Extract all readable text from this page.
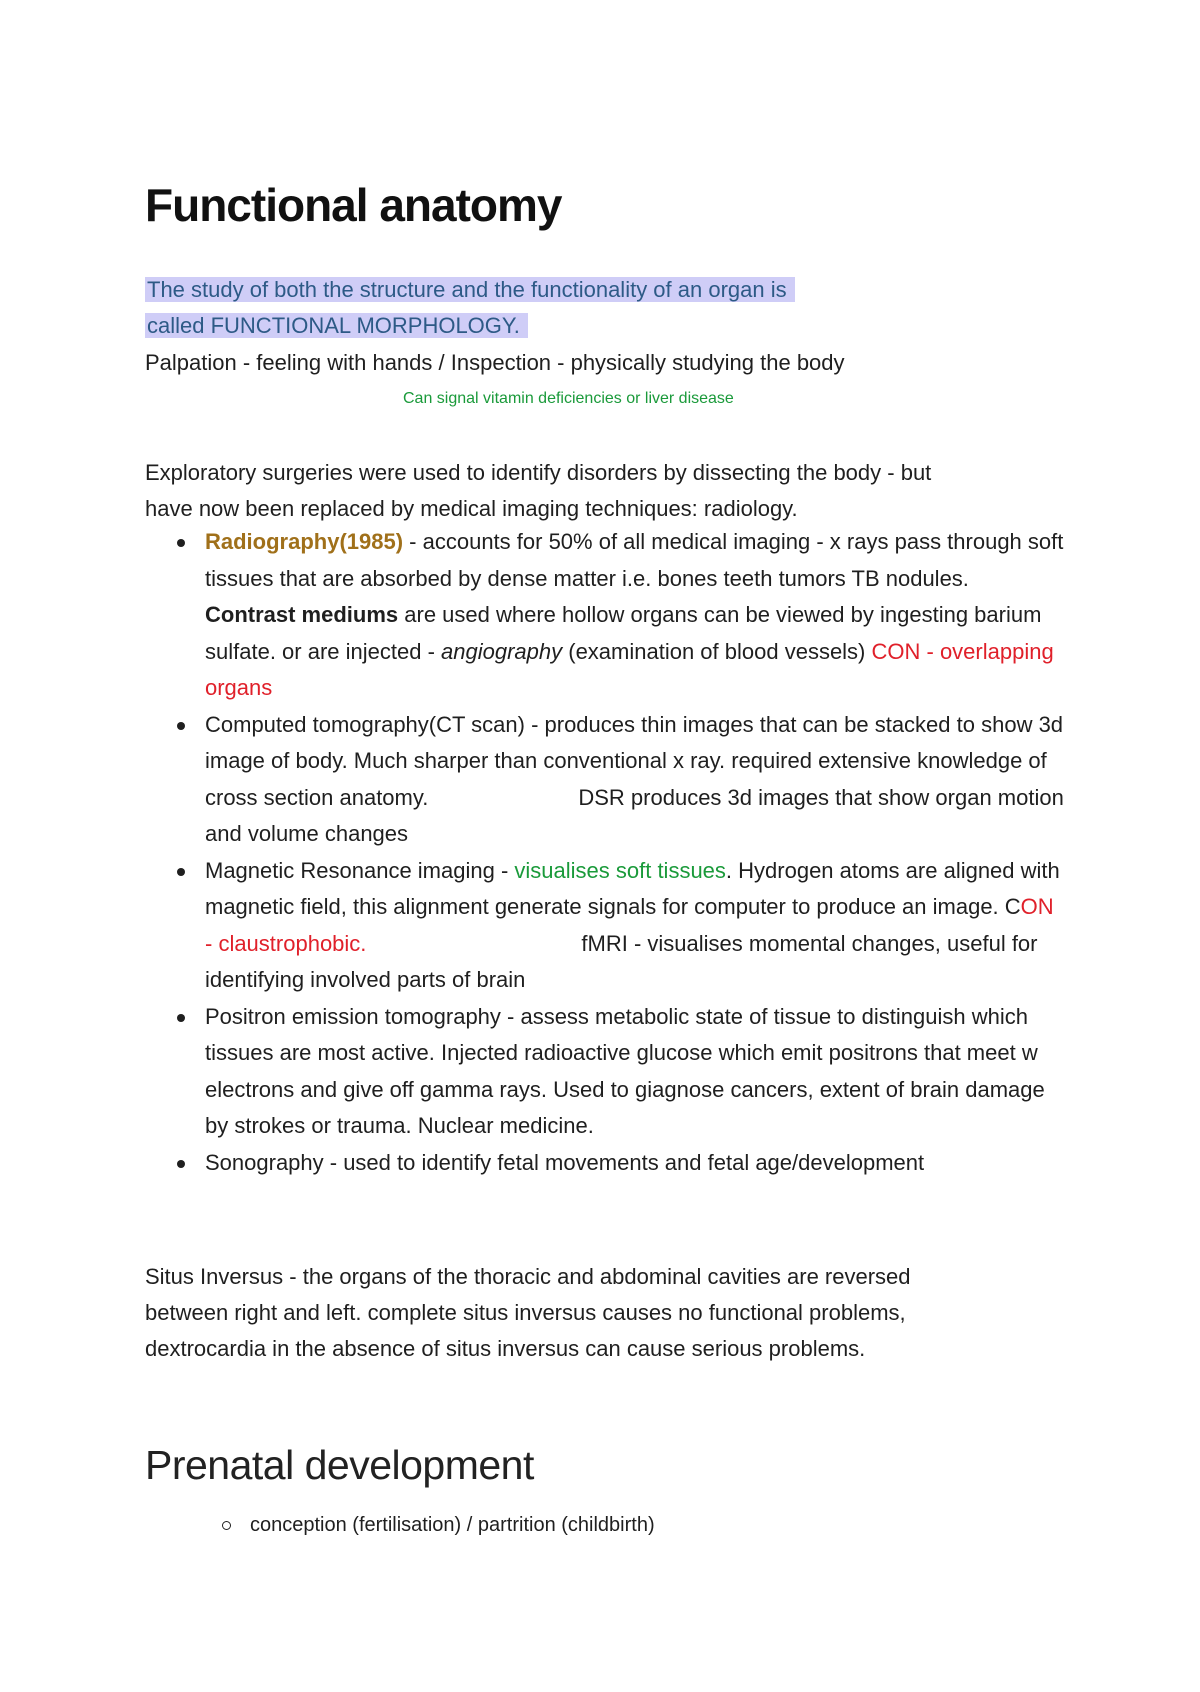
Functional anatomy
The study of both the structure and the functionality of an organ is
called FUNCTIONAL MORPHOLOGY.
Palpation - feeling with hands / Inspection - physically studying the body
Can signal vitamin deficiencies or liver disease
Exploratory surgeries were used to identify disorders by dissecting the body - but
have now been replaced by medical imaging techniques: radiology.
Radiography(1985) - accounts for 50% of all medical imaging - x rays pass through soft tissues that are absorbed by dense matter i.e. bones teeth tumors TB nodules. Contrast mediums are used where hollow organs can be viewed by ingesting barium sulfate. or are injected - angiography (examination of blood vessels) CON - overlapping organs
Computed tomography(CT scan) - produces thin images that can be stacked to show 3d image of body. Much sharper than conventional x ray. required extensive knowledge of cross section anatomy.	DSR produces 3d images that show organ motion and volume changes
Magnetic Resonance imaging - visualises soft tissues. Hydrogen atoms are aligned with magnetic field, this alignment generate signals for computer to produce an image. CON - claustrophobic.	fMRI - visualises momental changes, useful for identifying involved parts of brain
Positron emission tomography - assess metabolic state of tissue to distinguish which tissues are most active. Injected radioactive glucose which emit positrons that meet w electrons and give off gamma rays. Used to giagnose cancers, extent of brain damage by strokes or trauma. Nuclear medicine.
Sonography - used to identify fetal movements and fetal age/development
Situs Inversus - the organs of the thoracic and abdominal cavities are reversed
between right and left. complete situs inversus causes no functional problems,
dextrocardia in the absence of situs inversus can cause serious problems.
Prenatal development
conception (fertilisation) / partrition (childbirth)
